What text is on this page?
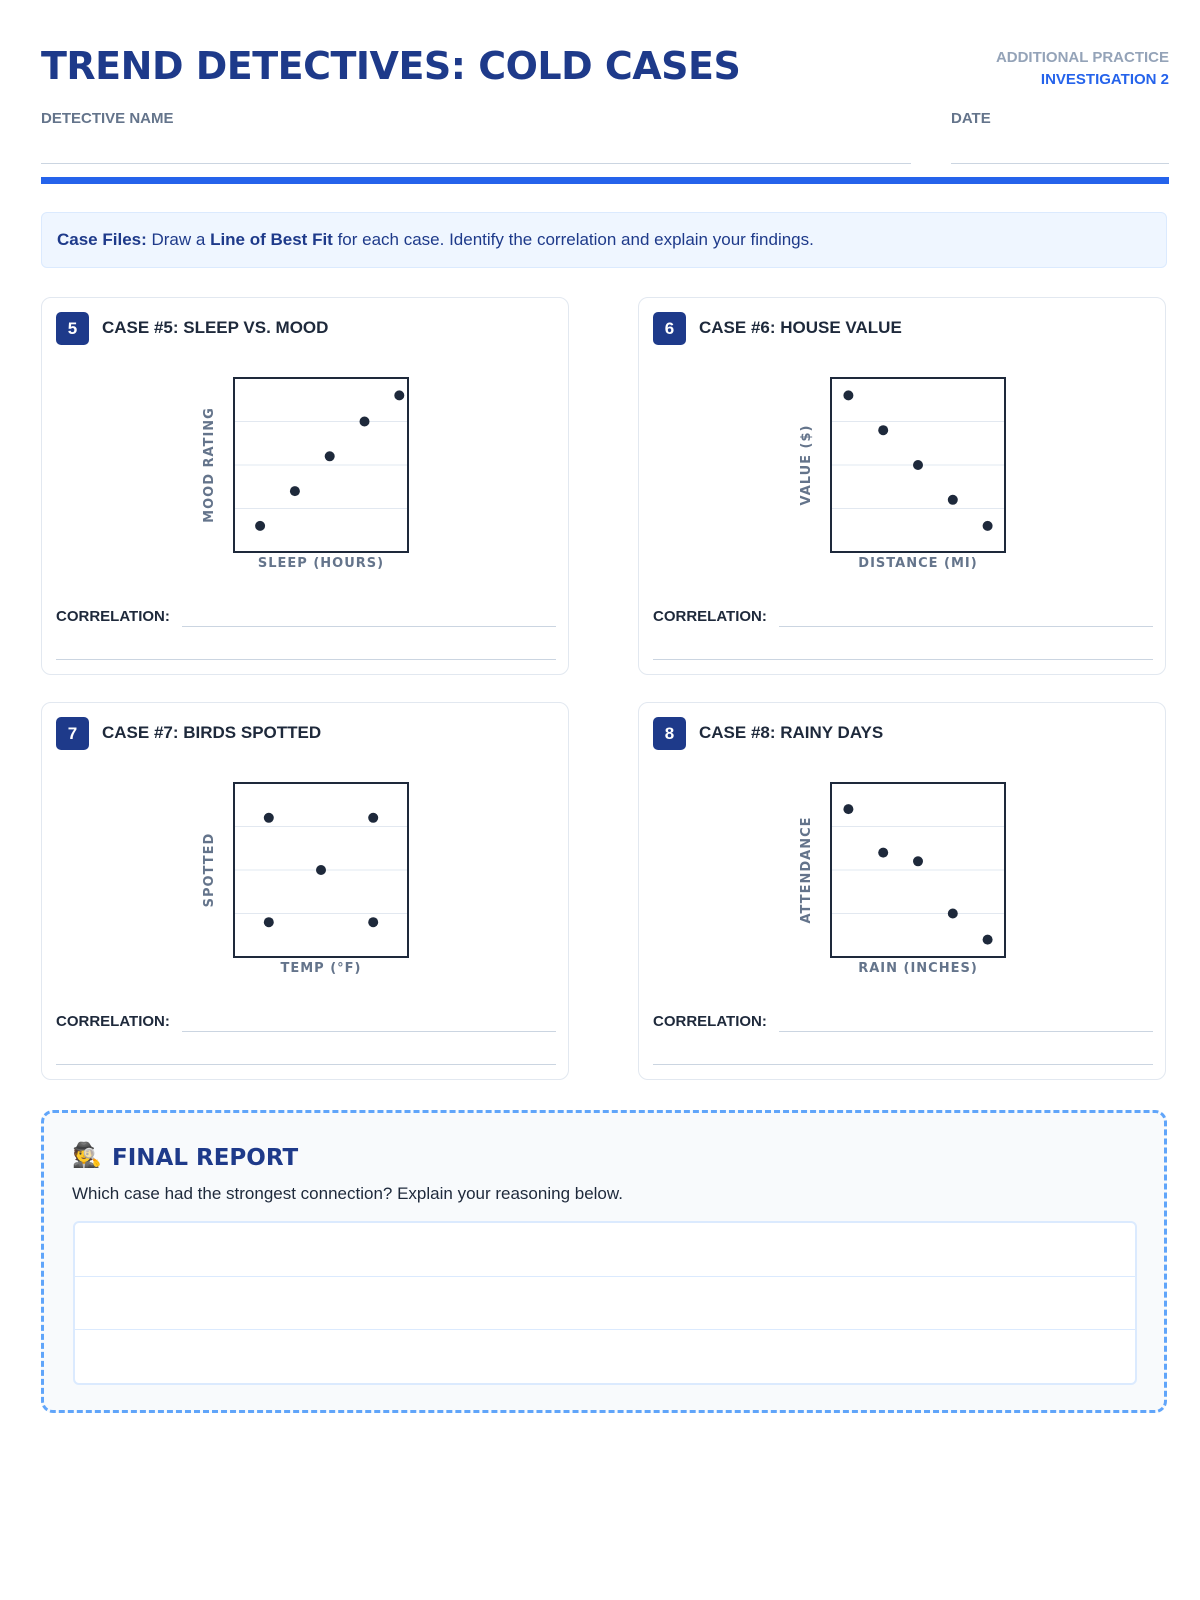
TREND DETECTIVES: COLD CASES	ADDITIONAL PRACTICE
INVESTIGATION 2
DETECTIVE NAME	DATE
Case Files: Draw a Line of Best Fit for each case. Identify the correlation and explain your findings.
5	CASE #5: SLEEP VS. MOOD
SLEEP (HOURS)
MOOD RATING
CORRELATION:
6	CASE #6: HOUSE VALUE
DISTANCE (MI)
VALUE ($)
CORRELATION:
7	CASE #7: BIRDS SPOTTED
TEMP (°F)
SPOTTED
CORRELATION:
8	CASE #8: RAINY DAYS
RAIN (INCHES)
ATTENDANCE
CORRELATION:
🕵️ FINAL REPORT
Which case had the strongest connection? Explain your reasoning below.
